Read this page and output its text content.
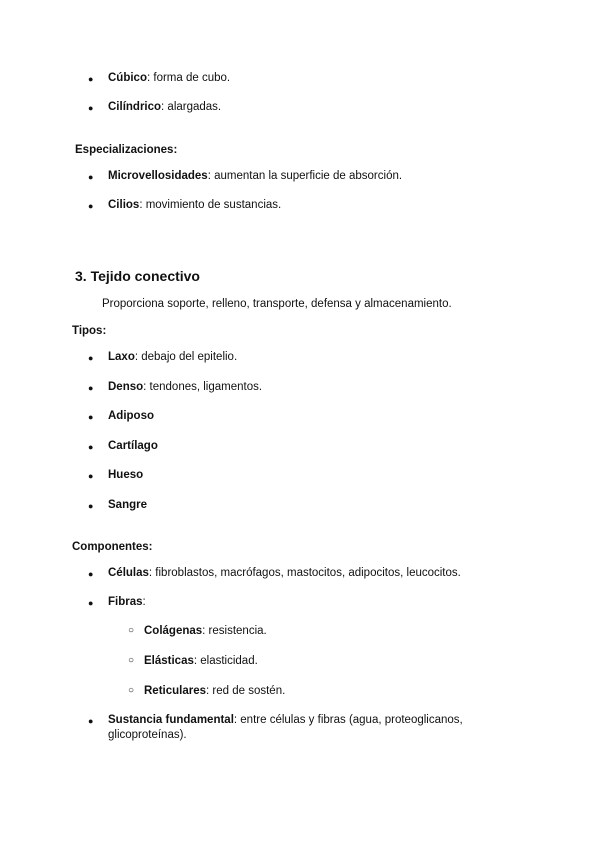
● Cúbico: forma de cubo.
● Cilíndrico: alargadas.
Especializaciones:
● Microvellosidades: aumentan la superficie de absorción.
● Cilios: movimiento de sustancias.
3. Tejido conectivo
Proporciona soporte, relleno, transporte, defensa y almacenamiento.
Tipos:
● Laxo: debajo del epitelio.
● Denso: tendones, ligamentos.
● Adiposo
● Cartílago
● Hueso
● Sangre
Componentes:
● Células: fibroblastos, macrófagos, mastocitos, adipocitos, leucocitos.
● Fibras:
○ Colágenas: resistencia.
○ Elásticas: elasticidad.
○ Reticulares: red de sostén.
● Sustancia fundamental: entre células y fibras (agua, proteoglicanos, glicoproteínas).
